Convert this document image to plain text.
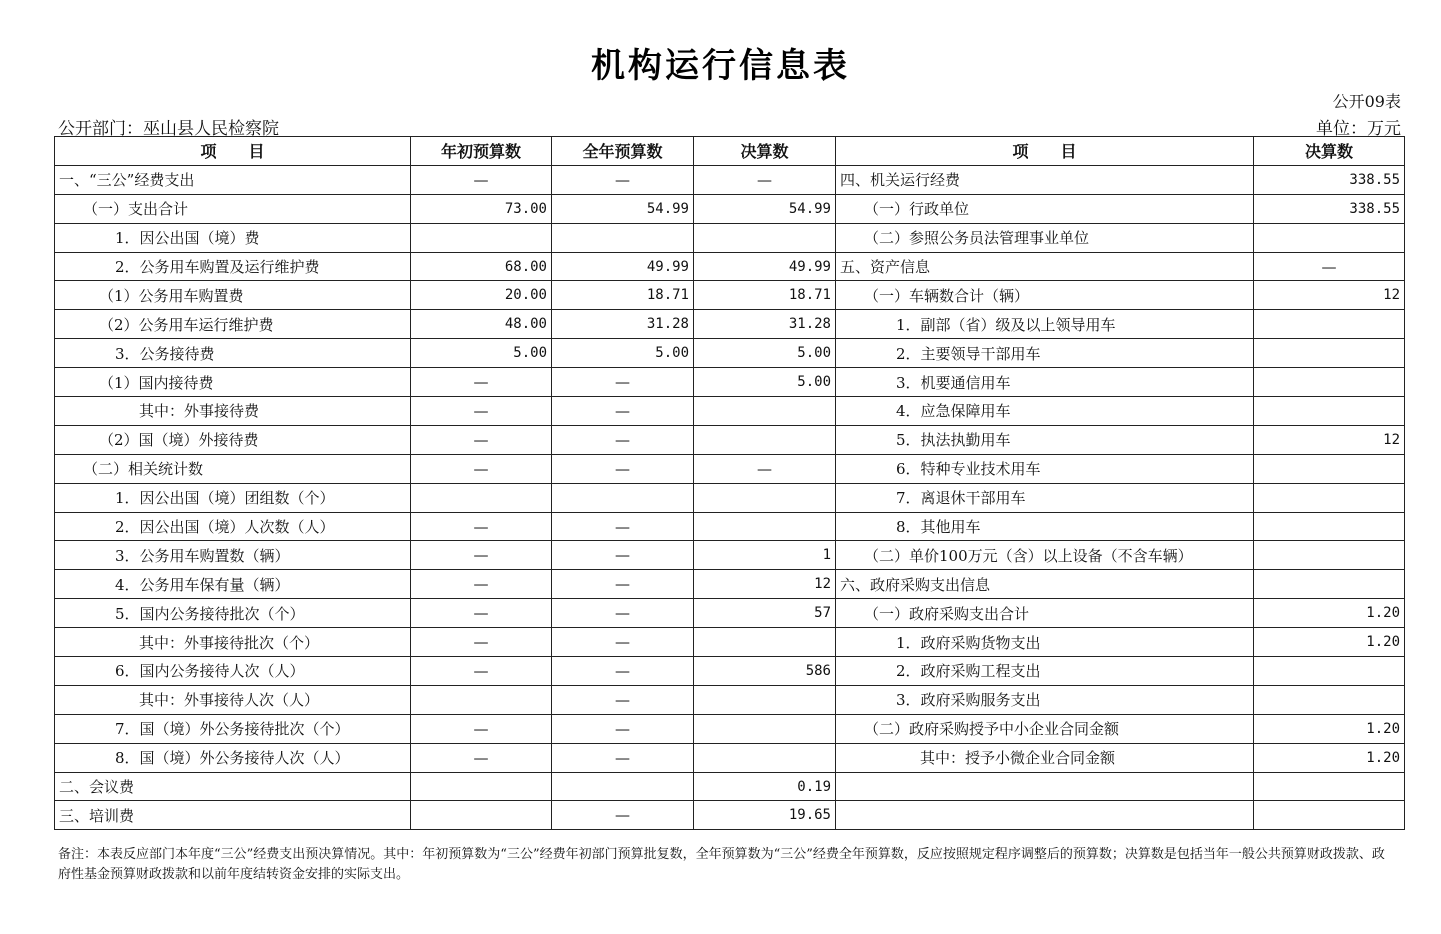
机构运行信息表
公开09表
公开部门：巫山县人民检察院	单位：万元
项　　目	年初预算数	全年预算数	决算数	项　　目	决算数
一、“三公”经费支出	—	—	—	四、机关运行经费	338.55
（一）支出合计	73.00	54.99	54.99	（一）行政单位	338.55
1．因公出国（境）费				（二）参照公务员法管理事业单位	
2．公务用车购置及运行维护费	68.00	49.99	49.99	五、资产信息	—
（1）公务用车购置费	20.00	18.71	18.71	（一）车辆数合计（辆）	12
（2）公务用车运行维护费	48.00	31.28	31.28	1．副部（省）级及以上领导用车	
3．公务接待费	5.00	5.00	5.00	2．主要领导干部用车	
（1）国内接待费	—	—	5.00	3．机要通信用车	
其中：外事接待费	—	—		4．应急保障用车	
（2）国（境）外接待费	—	—		5．执法执勤用车	12
（二）相关统计数	—	—	—	6．特种专业技术用车	
1．因公出国（境）团组数（个）				7．离退休干部用车	
2．因公出国（境）人次数（人）	—	—		8．其他用车	
3．公务用车购置数（辆）	—	—	1	（二）单价100万元（含）以上设备（不含车辆）	
4．公务用车保有量（辆）	—	—	12	六、政府采购支出信息	
5．国内公务接待批次（个）	—	—	57	（一）政府采购支出合计	1.20
其中：外事接待批次（个）	—	—		1．政府采购货物支出	1.20
6．国内公务接待人次（人）	—	—	586	2．政府采购工程支出	
其中：外事接待人次（人）		—		3．政府采购服务支出	
7．国（境）外公务接待批次（个）	—	—		（二）政府采购授予中小企业合同金额	1.20
8．国（境）外公务接待人次（人）	—	—		其中：授予小微企业合同金额	1.20
二、会议费			0.19		
三、培训费		—	19.65		
备注：本表反应部门本年度“三公”经费支出预决算情况。其中：年初预算数为“三公”经费年初部门预算批复数，全年预算数为“三公”经费全年预算数，反应按照规定程序调整后的预算数；决算数是包括当年一般公共预算财政拨款、政府性基金预算财政拨款和以前年度结转资金安排的实际支出。
